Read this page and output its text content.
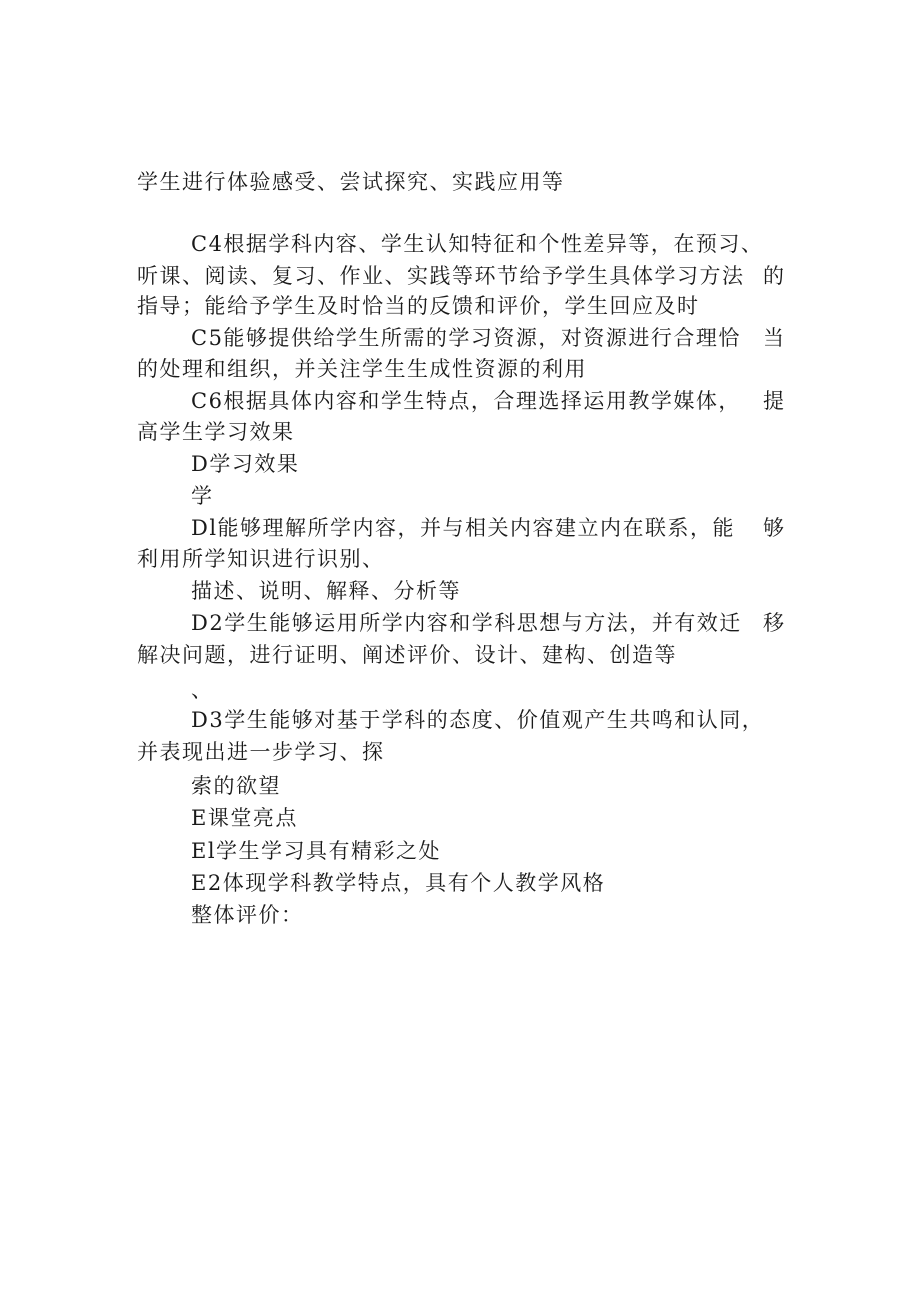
学生进行体验感受、尝试探究、实践应用等
C4根据学科内容、学生认知特征和个性差异等，在预习、
听课、阅读、复习、作业、实践等环节给予学生具体学习方法 的
指导；能给予学生及时恰当的反馈和评价，学生回应及时
C5能够提供给学生所需的学习资源，对资源进行合理恰 当
的处理和组织，并关注学生生成性资源的利用
C6根据具体内容和学生特点，合理选择运用教学媒体， 提
高学生学习效果
D学习效果
学
Dl能够理解所学内容，并与相关内容建立内在联系，能 够
利用所学知识进行识别、
描述、说明、解释、分析等
D2学生能够运用所学内容和学科思想与方法，并有效迁 移
解决问题，进行证明、阐述评价、设计、建构、创造等
、
D3学生能够对基于学科的态度、价值观产生共鸣和认同，
并表现出进一步学习、探
索的欲望
E课堂亮点
El学生学习具有精彩之处
E2体现学科教学特点，具有个人教学风格
整体评价：
